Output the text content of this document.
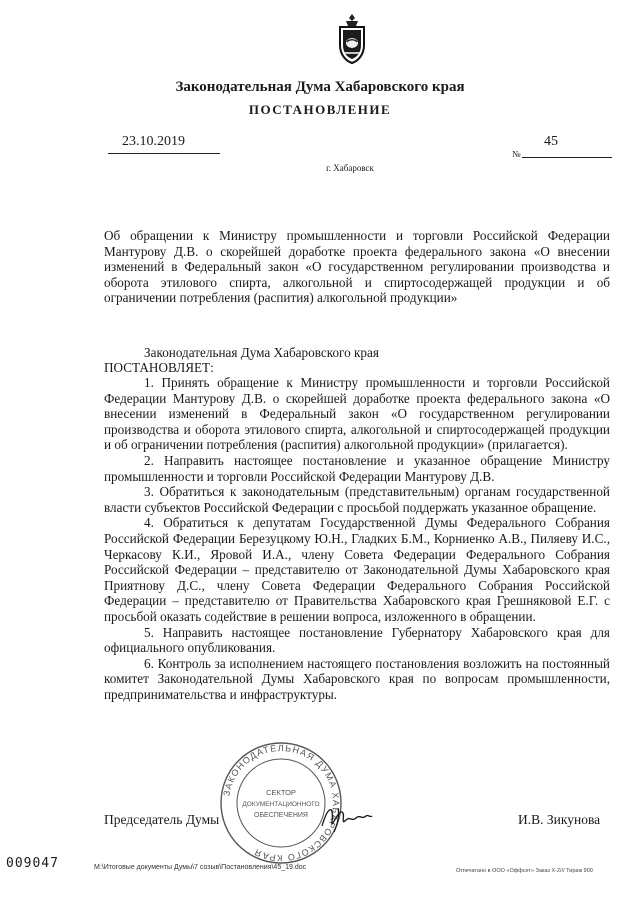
Законодательная Дума Хабаровского края
ПОСТАНОВЛЕНИЕ
23.10.2019	45
№
г. Хабаровск
Об обращении к Министру промышленности и торговли Российской Федерации Мантурову Д.В. о скорейшей доработке проекта федерального закона «О внесении изменений в Федеральный закон «О государственном регулировании производства и оборота этилового спирта, алкогольной и спиртосодержащей продукции и об ограничении потребления (распития) алкогольной продукции»
Законодательная Дума Хабаровского края
ПОСТАНОВЛЯЕТ:

1. Принять обращение к Министру промышленности и торговли Российской Федерации Мантурову Д.В. о скорейшей доработке проекта федерального закона «О внесении изменений в Федеральный закон «О государственном регулировании производства и оборота этилового спирта, алкогольной и спиртосодержащей продукции и об ограничении потребления (распития) алкогольной продукции» (прилагается).

2. Направить настоящее постановление и указанное обращение Министру промышленности и торговли Российской Федерации Мантурову Д.В.

3. Обратиться к законодательным (представительным) органам государственной власти субъектов Российской Федерации с просьбой поддержать указанное обращение.

4. Обратиться к депутатам Государственной Думы Федерального Собрания Российской Федерации Березуцкому Ю.Н., Гладких Б.М., Корниенко А.В., Пиляеву И.С., Черкасову К.И., Яровой И.А., члену Совета Федерации Федерального Собрания Российской Федерации – представителю от Законодательной Думы Хабаровского края Приятнову Д.С., члену Совета Федерации Федерального Собрания Российской Федерации – представителю от Правительства Хабаровского края Грешняковой Е.Г. с просьбой оказать содействие в решении вопроса, изложенного в обращении.

5. Направить настоящее постановление Губернатору Хабаровского края для официального опубликования.

6. Контроль за исполнением настоящего постановления возложить на постоянный комитет Законодательной Думы Хабаровского края по вопросам промышленности, предпринимательства и инфраструктуры.

ЗАКОНОДАТЕЛЬНАЯ ДУМА ХАБАРОВСКОГО КРАЯ
СЕКТОР
ДОКУМЕНТАЦИОННОГО
ОБЕСПЕЧЕНИЯ
Председатель Думы	И.В. Зикунова
009047	M:\Итоговые документы Думы\7 созыв\Постановления\45_19.doc	Отпечатано в ООО «Оффсет» Заказ Х-2/// Тираж 900
